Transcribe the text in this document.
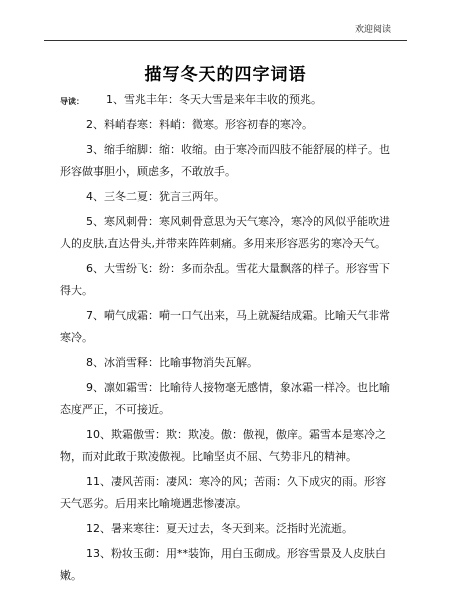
欢迎阅读
描写冬天的四字词语
导读：	1、雪兆丰年：冬天大雪是来年丰收的预兆。

2、料峭春寒：料峭：微寒。形容初春的寒冷。

3、缩手缩脚：缩：收缩。由于寒冷而四肢不能舒展的样子。也形容做事胆小，顾虑多，不敢放手。

4、三冬二夏：犹言三两年。

5、寒风刺骨：寒风刺骨意思为天气寒冷，寒冷的风似乎能吹进人的皮肤,直达骨头,并带来阵阵刺痛。多用来形容恶劣的寒冷天气。

6、大雪纷飞：纷：多而杂乱。雪花大量飘落的样子。形容雪下得大。

7、嗬气成霜：嗬一口气出来，马上就凝结成霜。比喻天气非常寒冷。

8、冰消雪释：比喻事物消失瓦解。

9、凛如霜雪：比喻待人接物毫无感情，象冰霜一样冷。也比喻态度严正，不可接近。

10、欺霜傲雪：欺：欺凌。傲：傲视，傲庠。霜雪本是寒冷之物，而对此敢于欺凌傲视。比喻坚贞不屈、气势非凡的精神。

11、凄风苦雨：凄风：寒冷的风；苦雨：久下成灾的雨。形容天气恶劣。后用来比喻境遇悲惨凄凉。

12、暑来寒往：夏天过去，冬天到来。泛指时光流逝。

13、粉妆玉砌：用**装饰，用白玉砌成。形容雪景及人皮肤白嫩。
